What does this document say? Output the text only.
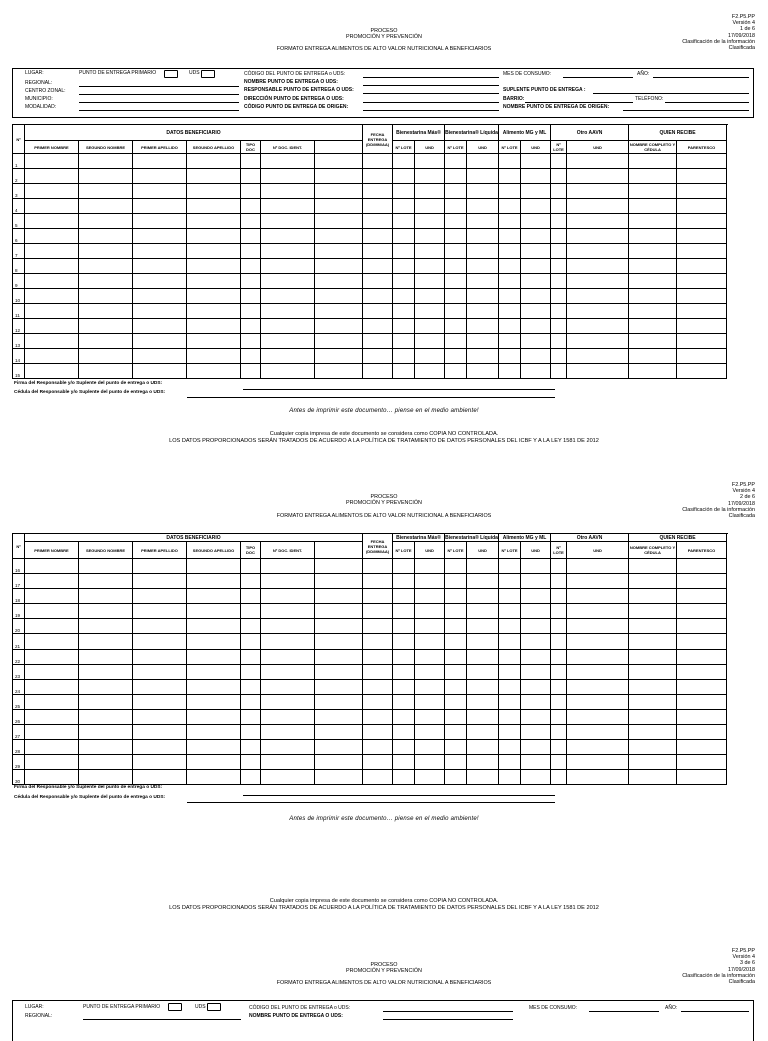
F2.P5.PP
Versión 4
1 de 6
17/09/2018
Clasificación de la información
Clasificada
PROCESO
PROMOCIÓN Y PREVENCIÓN
FORMATO ENTREGA ALIMENTOS DE ALTO VALOR NUTRICIONAL A BENEFICIARIOS
LUGAR:	PUNTO DE ENTREGA PRIMARIO	UDS
REGIONAL:
CENTRO ZONAL:
MUNICIPIO:
MODALIDAD:
CÓDIGO DEL PUNTO DE ENTREGA o UDS:
NOMBRE PUNTO DE ENTREGA O UDS:
RESPONSABLE PUNTO DE ENTREGA O UDS:
DIRECCIÓN PUNTO DE ENTREGA O UDS:
CÓDIGO PUNTO DE ENTREGA DE ORIGEN:
MES DE CONSUMO:	AÑO:
SUPLENTE PUNTO DE ENTREGA :
BARRIO:	TELÉFONO:
NOMBRE PUNTO DE ENTREGA DE ORIGEN:
Nº	DATOS BENEFICIARIO							FECHA ENTREGA (DD/MM/AA)	Bienestarina Más®		Bienestarina® Líquida		Alimento MG y ML		Otro AAVN		QUIEN RECIBE		
	PRIMER NOMBRE	SEGUNDO NOMBRE	PRIMER APELLIDO	SEGUNDO APELLIDO	TIPO DOC	Nº DOC. IDENT.			Nº LOTE	UND	Nº LOTE	UND	Nº LOTE	UND	Nº LOTE	UND	NOMBRE COMPLETO Y CÉDULA	PARENTESCO	
1																			
2																			
3																			
4																			
5																			
6																			
7																			
8																			
9																			
10																			
11																			
12																			
13																			
14																			
15																			
Firma del Responsable y/o Suplente del punto de entrega o UDS:
Cédula del Responsable y/o Suplente del punto de entrega o UDS:
Antes de imprimir este documento… piense en el medio ambiente!
Cualquier copia impresa de este documento se considera como COPIA NO CONTROLADA.
LOS DATOS PROPORCIONADOS SERÁN TRATADOS DE ACUERDO A LA POLÍTICA DE TRATAMIENTO DE DATOS PERSONALES DEL ICBF Y A LA LEY 1581 DE 2012
F2.P5.PP
Versión 4
2 de 6
17/09/2018
Clasificación de la información
Clasificada
PROCESO
PROMOCIÓN Y PREVENCIÓN
FORMATO ENTREGA ALIMENTOS DE ALTO VALOR NUTRICIONAL A BENEFICIARIOS
Nº	DATOS BENEFICIARIO							FECHA ENTREGA (DD/MM/AA)	Bienestarina Más®		Bienestarina® Líquida		Alimento MG y ML		Otro AAVN		QUIEN RECIBE		
	PRIMER NOMBRE	SEGUNDO NOMBRE	PRIMER APELLIDO	SEGUNDO APELLIDO	TIPO DOC	Nº DOC. IDENT.			Nº LOTE	UND	Nº LOTE	UND	Nº LOTE	UND	Nº LOTE	UND	NOMBRE COMPLETO Y CÉDULA	PARENTESCO	
16																			
17																			
18																			
19																			
20																			
21																			
22																			
23																			
24																			
25																			
26																			
27																			
28																			
29																			
30																			
Firma del Responsable y/o Suplente del punto de entrega o UDS:
Cédula del Responsable y/o Suplente del punto de entrega o UDS:
Antes de imprimir este documento… piense en el medio ambiente!
Cualquier copia impresa de este documento se considera como COPIA NO CONTROLADA.
LOS DATOS PROPORCIONADOS SERÁN TRATADOS DE ACUERDO A LA POLÍTICA DE TRATAMIENTO DE DATOS PERSONALES DEL ICBF Y A LA LEY 1581 DE 2012
F2.P5.PP
Versión 4
3 de 6
17/09/2018
Clasificación de la información
Clasificada
PROCESO
PROMOCIÓN Y PREVENCIÓN
FORMATO ENTREGA ALIMENTOS DE ALTO VALOR NUTRICIONAL A BENEFICIARIOS
LUGAR:	PUNTO DE ENTREGA PRIMARIO	UDS
REGIONAL:
CÓDIGO DEL PUNTO DE ENTREGA o UDS:
NOMBRE PUNTO DE ENTREGA O UDS:
MES DE CONSUMO:	AÑO:
